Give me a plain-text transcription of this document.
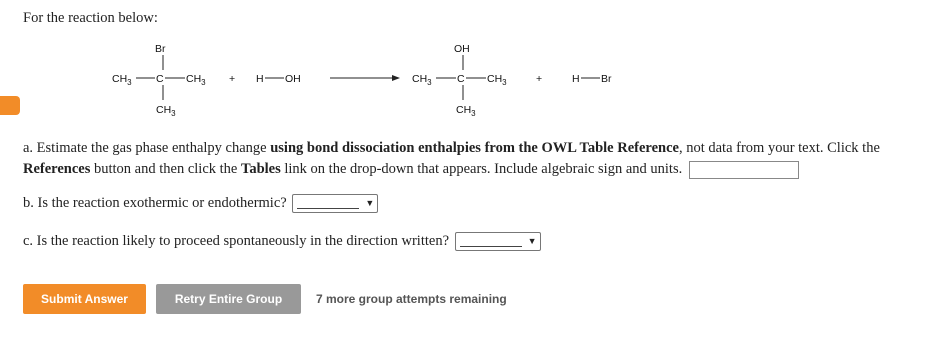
For the reaction below:
Br
$CH_3$ C $CH_3$
$CH_3$
+ H OH
OH
$CH_3$ C $CH_3$
$CH_3$
+	H Br
a. Estimate the gas phase enthalpy change using bond dissociation enthalpies from the OWL Table Reference, not data from your text. Click the References button and then click the Tables link on the drop-down that appears. Include algebraic sign and units.
b. Is the reaction exothermic or endothermic?	▼
c. Is the reaction likely to proceed spontaneously in the direction written?	▼
Submit Answer	Retry Entire Group	7 more group attempts remaining
